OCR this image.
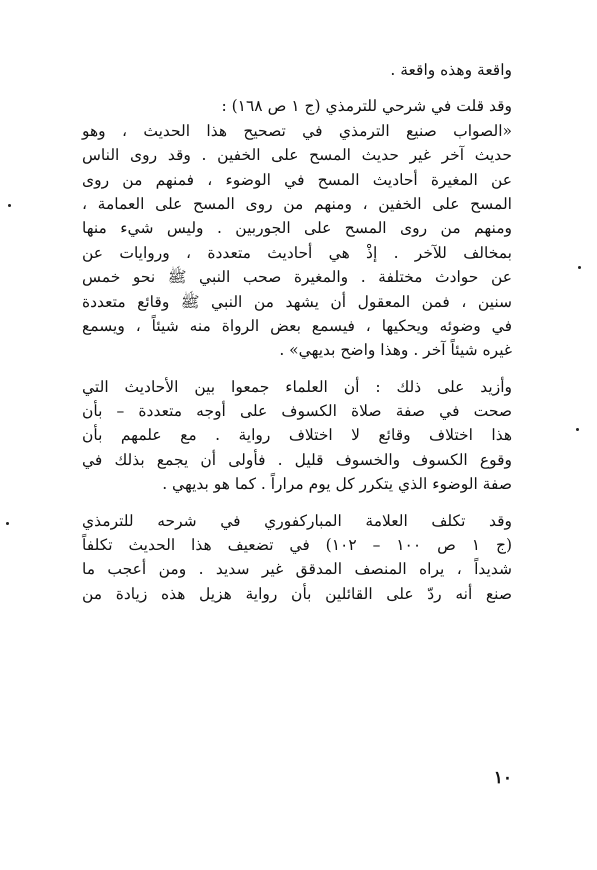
واقعة وهذه واقعة .
وقد قلت في شرحي للترمذي (ج ١ ص ١٦٨) :
«الصواب صنيع الترمذي في تصحيح هذا الحديث ، وهو
حديث آخر غير حديث المسح على الخفين . وقد روى الناس
عن المغيرة أحاديث المسح في الوضوء ، فمنهم من روى
المسح على الخفين ، ومنهم من روى المسح على العمامة ،
ومنهم من روى المسح على الجوربين . وليس شيء منها
بمخالف للآخر . إذْ هي أحاديث متعددة ، وروايات عن
عن حوادث مختلفة . والمغيرة صحب النبي ﷺ نحو خمس
سنين ، فمن المعقول أن يشهد من النبي ﷺ وقائع متعددة
في وضوئه ويحكيها ، فيسمع بعض الرواة منه شيئاً ، ويسمع
غيره شيئاً آخر . وهذا واضح بديهي» .
وأزيد على ذلك : أن العلماء جمعوا بين الأحاديث التي
صحت في صفة صلاة الكسوف على أوجه متعددة – بأن
هذا اختلاف وقائع لا اختلاف رواية . مع علمهم بأن
وقوع الكسوف والخسوف قليل . فأولى أن يجمع بذلك في
صفة الوضوء الذي يتكرر كل يوم مراراً . كما هو بديهي .
وقد تكلف العلامة المباركفوري في شرحه للترمذي
(ج ١ ص ١٠٠ – ١٠٢) في تضعيف هذا الحديث تكلفاً
شديداً ، يراه المنصف المدقق غير سديد . ومن أعجب ما
صنع أنه ردّ على القائلين بأن رواية هزيل هذه زيادة من
١٠
